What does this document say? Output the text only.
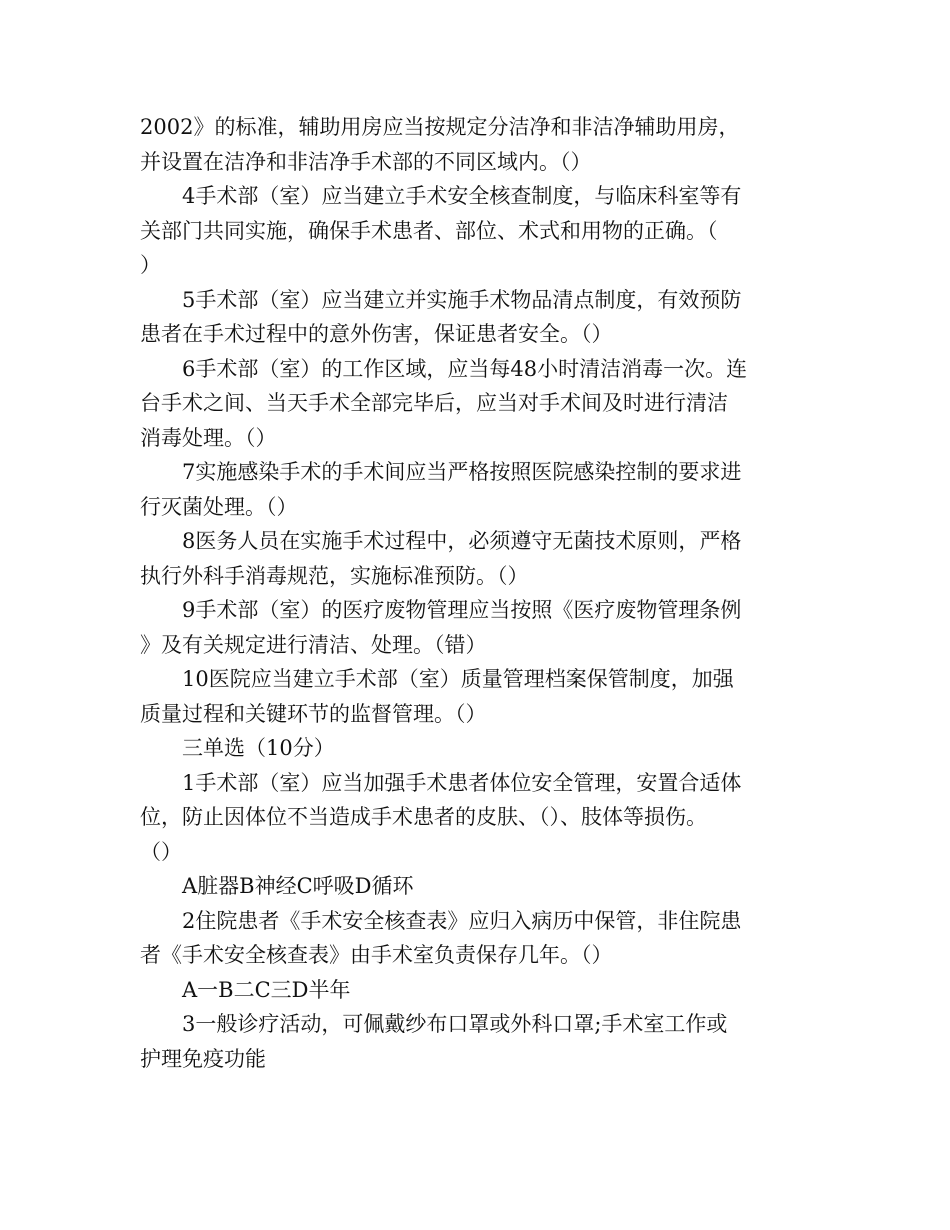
2002》的标准，辅助用房应当按规定分洁净和非洁净辅助用房，
并设置在洁净和非洁净手术部的不同区域内。（）

4手术部（室）应当建立手术安全核查制度，与临床科室等有
关部门共同实施，确保手术患者、部位、术式和用物的正确。（
）

5手术部（室）应当建立并实施手术物品清点制度，有效预防
患者在手术过程中的意外伤害，保证患者安全。（）

6手术部（室）的工作区域，应当每48小时清洁消毒一次。连
台手术之间、当天手术全部完毕后，应当对手术间及时进行清洁
消毒处理。（）

7实施感染手术的手术间应当严格按照医院感染控制的要求进
行灭菌处理。（）

8医务人员在实施手术过程中，必须遵守无菌技术原则，严格
执行外科手消毒规范，实施标准预防。（）

9手术部（室）的医疗废物管理应当按照《医疗废物管理条例
》及有关规定进行清洁、处理。（错）

10医院应当建立手术部（室）质量管理档案保管制度，加强
质量过程和关键环节的监督管理。（）

三单选（10分）

1手术部（室）应当加强手术患者体位安全管理，安置合适体
位，防止因体位不当造成手术患者的皮肤、（）、肢体等损伤。
（）

A脏器B神经C呼吸D循环

2住院患者《手术安全核查表》应归入病历中保管，非住院患
者《手术安全核查表》由手术室负责保存几年。（）

A一B二C三D半年

3一般诊疗活动，可佩戴纱布口罩或外科口罩;手术室工作或
护理免疫功能
